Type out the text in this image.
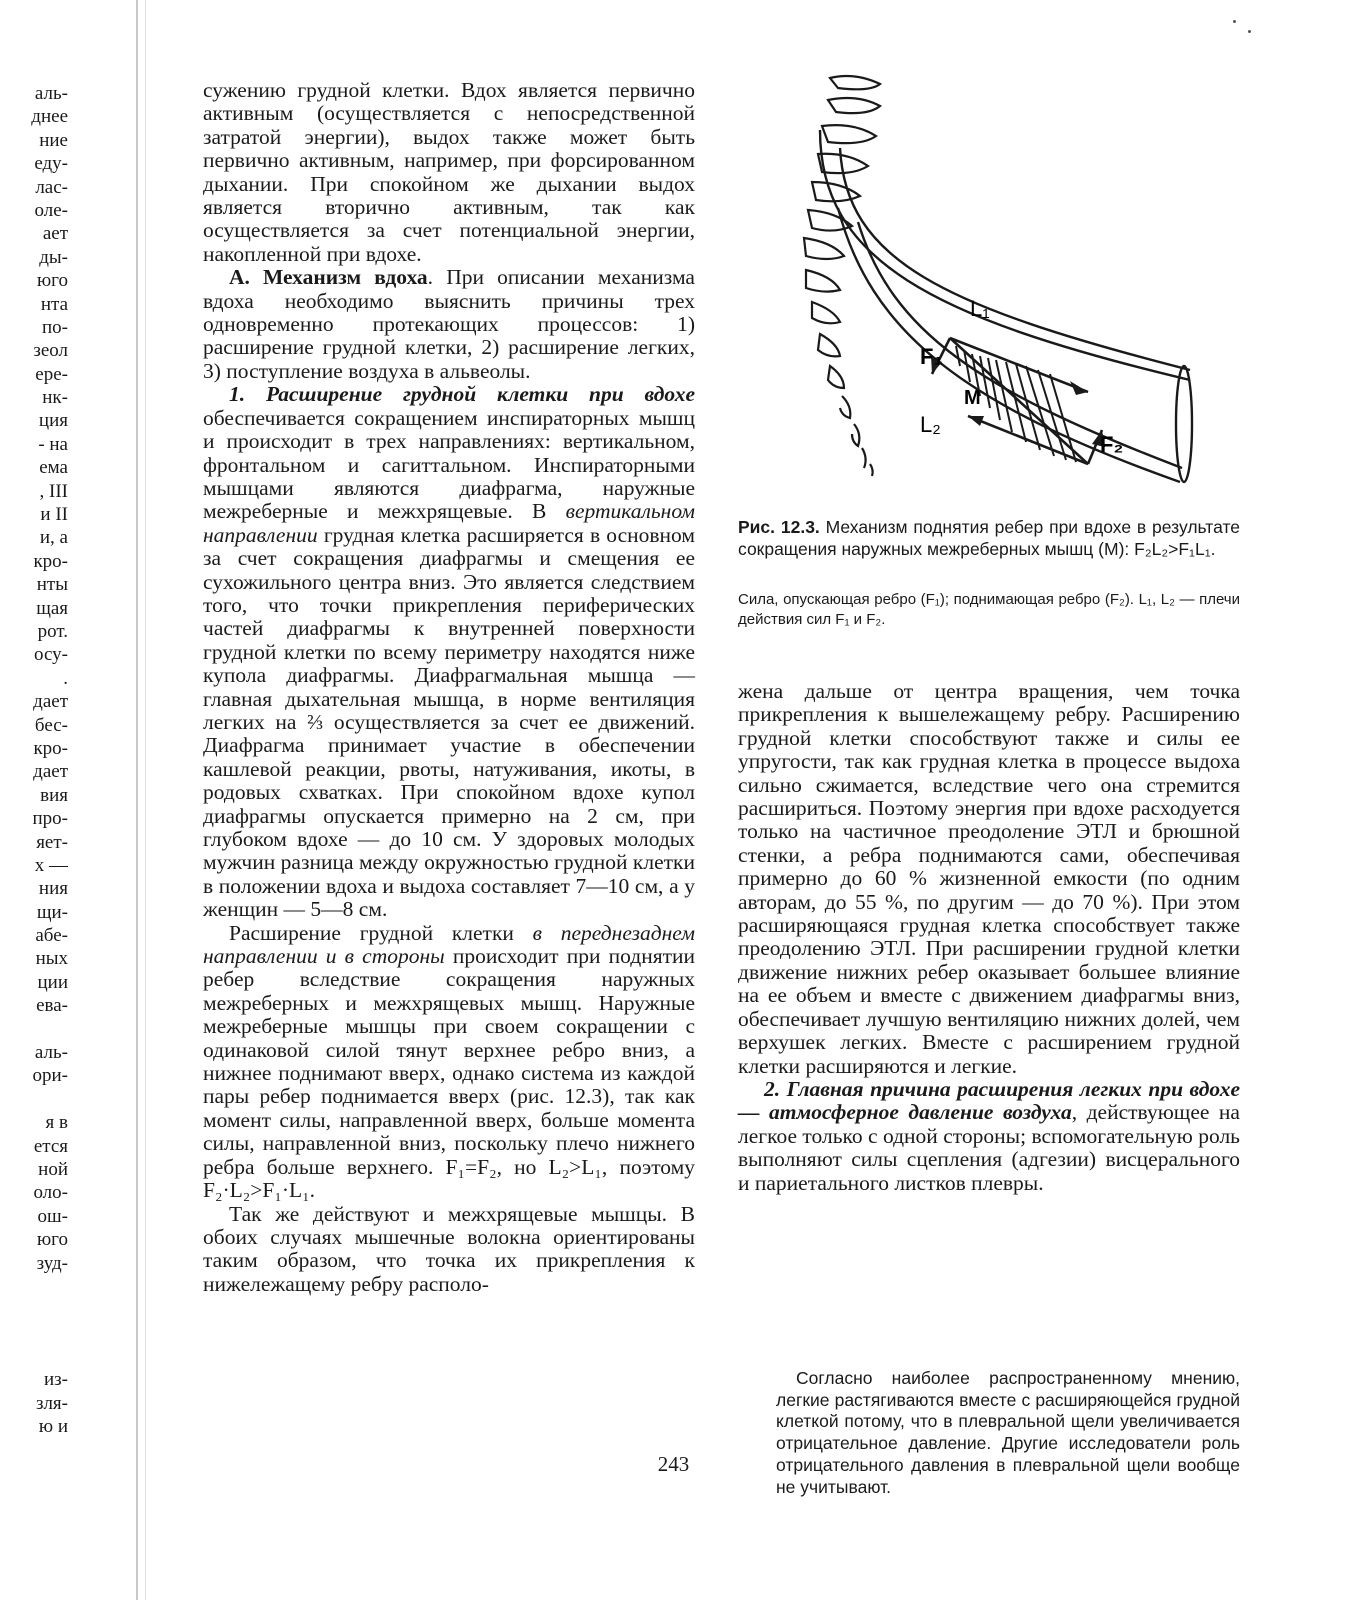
аль-
днее
ние
еду-
лас-
оле-
ает
ды-
юго
нта
по-
зеол
ере-
нк-
ция
- на
ема
, III
и II
и, а
кро-
нты
щая
рот.
осу-
.
дает
бес-
кро-
дает
вия
про-
яет-
х —
ния
щи-
абе-
ных
ции
ева-
аль-
ори-
я в
ется
ной
оло-
ош-
юго
зуд-
из-
зля-
ю и

сужению грудной клетки. Вдох является первично активным (осуществляется с непосредственной затратой энергии), выдох также может быть первично активным, например, при форсированном дыхании. При спокойном же дыхании выдох является вторично активным, так как осуществляется за счет потенциальной энергии, накопленной при вдохе.

А. Механизм вдоха. При описании механизма вдоха необходимо выяснить причины трех одновременно протекающих процессов: 1) расширение грудной клетки, 2) расширение легких, 3) поступление воздуха в альвеолы.

1. Расширение грудной клетки при вдохе обеспечивается сокращением инспираторных мышц и происходит в трех направлениях: вертикальном, фронтальном и сагиттальном. Инспираторными мышцами являются диафрагма, наружные межреберные и межхрящевые. В вертикальном направлении грудная клетка расширяется в основном за счет сокращения диафрагмы и смещения ее сухожильного центра вниз. Это является следствием того, что точки прикрепления периферических частей диафрагмы к внутренней поверхности грудной клетки по всему периметру находятся ниже купола диафрагмы. Диафрагмальная мышца — главная дыхательная мышца, в норме вентиляция легких на ⅔ осуществляется за счет ее движений. Диафрагма принимает участие в обеспечении кашлевой реакции, рвоты, натуживания, икоты, в родовых схватках. При спокойном вдохе купол диафрагмы опускается примерно на 2 см, при глубоком вдохе — до 10 см. У здоровых молодых мужчин разница между окружностью грудной клетки в положении вдоха и выдоха составляет 7—10 см, а у женщин — 5—8 см.

Расширение грудной клетки в переднезаднем направлении и в стороны происходит при поднятии ребер вследствие сокращения наружных межреберных и межхрящевых мышц. Наружные межреберные мышцы при своем сокращении с одинаковой силой тянут верхнее ребро вниз, а нижнее поднимают вверх, однако система из каждой пары ребер поднимается вверх (рис. 12.3), так как момент силы, направленной вверх, больше момента силы, направленной вниз, поскольку плечо нижнего ребра больше верхнего. F₁=F₂, но L₂>L₁, поэтому F₂·L₂>F₁·L₁.

Так же действуют и межхрящевые мышцы. В обоих случаях мышечные волокна ориентированы таким образом, что точка их прикрепления к нижележащему ребру располо-

L₁
F₁
M
L₂
F₂
Рис. 12.3. Механизм поднятия ребер при вдохе в результате сокращения наружных межреберных мышц (М): F₂L₂>F₁L₁.
Сила, опускающая ребро (F₁); поднимающая ребро (F₂). L₁, L₂ — плечи действия сил F₁ и F₂.

жена дальше от центра вращения, чем точка прикрепления к вышележащему ребру. Расширению грудной клетки способствуют также и силы ее упругости, так как грудная клетка в процессе выдоха сильно сжимается, вследствие чего она стремится расшириться. Поэтому энергия при вдохе расходуется только на частичное преодоление ЭТЛ и брюшной стенки, а ребра поднимаются сами, обеспечивая примерно до 60 % жизненной емкости (по одним авторам, до 55 %, по другим — до 70 %). При этом расширяющаяся грудная клетка способствует также преодолению ЭТЛ. При расширении грудной клетки движение нижних ребер оказывает большее влияние на ее объем и вместе с движением диафрагмы вниз, обеспечивает лучшую вентиляцию нижних долей, чем верхушек легких. Вместе с расширением грудной клетки расширяются и легкие.

2. Главная причина расширения легких при вдохе — атмосферное давление воздуха, действующее на легкое только с одной стороны; вспомогательную роль выполняют силы сцепления (адгезии) висцерального и париетального листков плевры.

Согласно наиболее распространенному мнению, легкие растягиваются вместе с расширяющейся грудной клеткой потому, что в плевральной щели увеличивается отрицательное давление. Другие исследователи роль отрицательного давления в плевральной щели вообще не учитывают.

243
